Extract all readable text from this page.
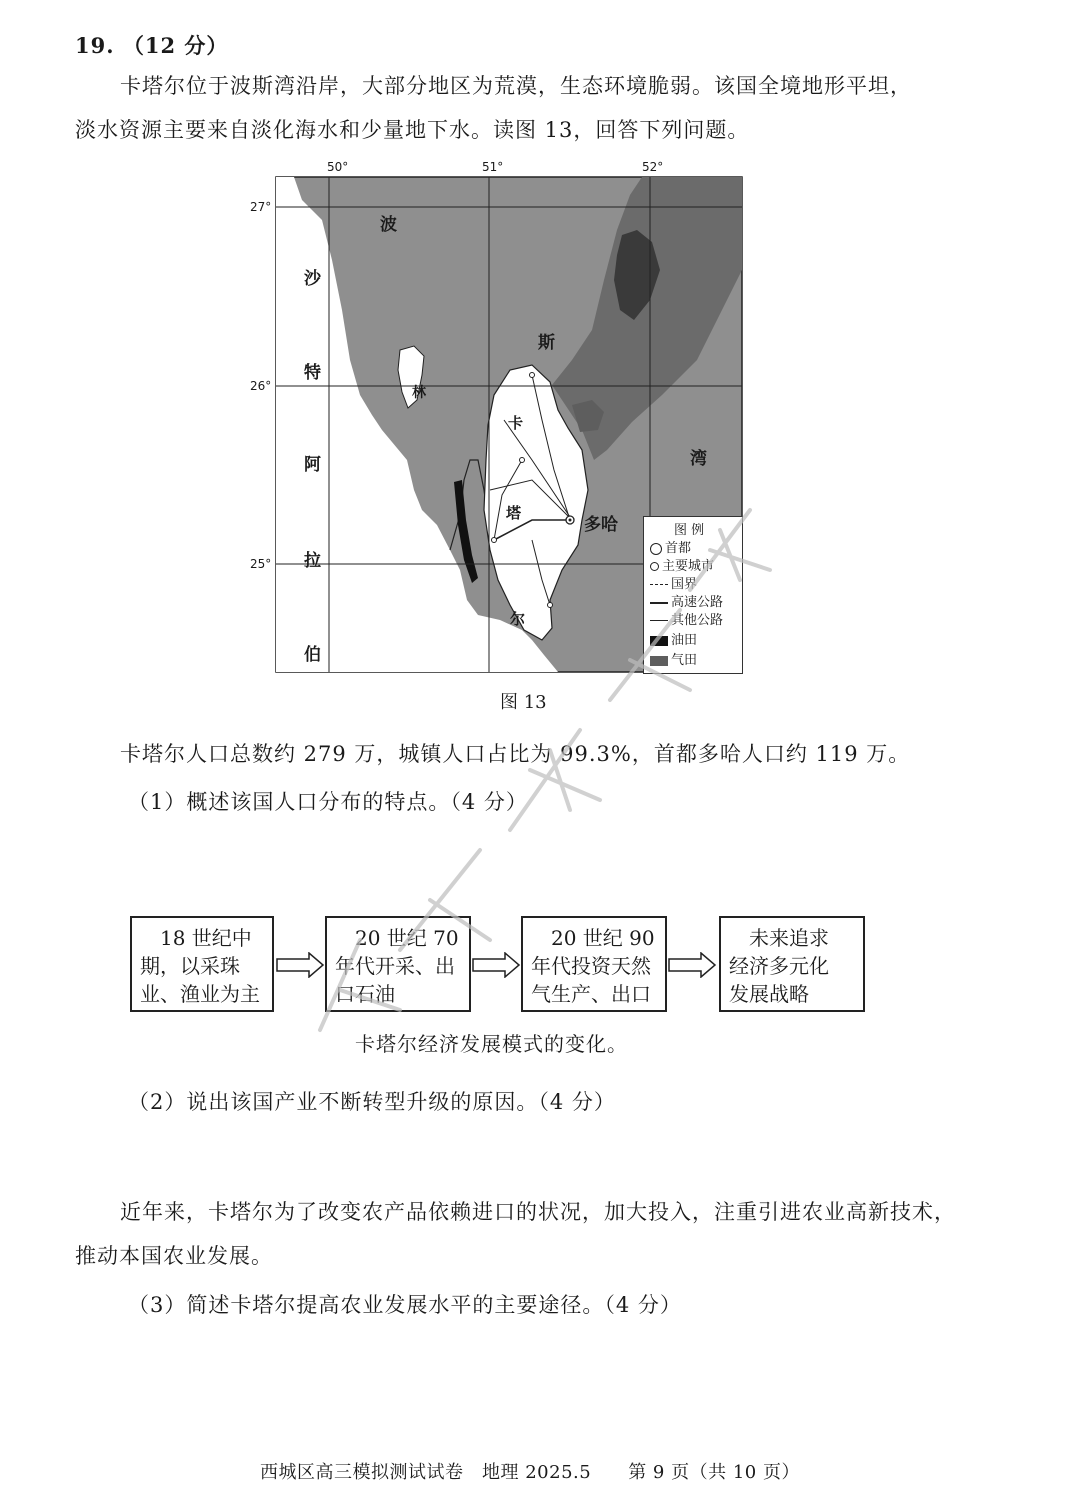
19. （12 分）
卡塔尔位于波斯湾沿岸，大部分地区为荒漠，生态环境脆弱。该国全境地形平坦，
淡水资源主要来自淡化海水和少量地下水。读图 13，回答下列问题。
50°	51°	52°
27°
26°
25°
波
斯
湾
沙
特
阿
拉
伯
林
卡
塔
尔
多哈	图 例
首都
主要城市
国界
高速公路
其他公路
油田
气田
图 13
卡塔尔人口总数约 279 万，城镇人口占比为 99.3%，首都多哈人口约 119 万。
（1）概述该国人口分布的特点。（4 分）
18 世纪中
期，以采珠
业、渔业为主
20 世纪 70
年代开采、出
口石油
20 世纪 90
年代投资天然
气生产、出口
未来追求
经济多元化
发展战略
卡塔尔经济发展模式的变化。
（2）说出该国产业不断转型升级的原因。（4 分）
近年来，卡塔尔为了改变农产品依赖进口的状况，加大投入，注重引进农业高新技术，
推动本国农业发展。
（3）简述卡塔尔提高农业发展水平的主要途径。（4 分）
西城区高三模拟测试试卷　地理 2025.5　　第 9 页（共 10 页）
